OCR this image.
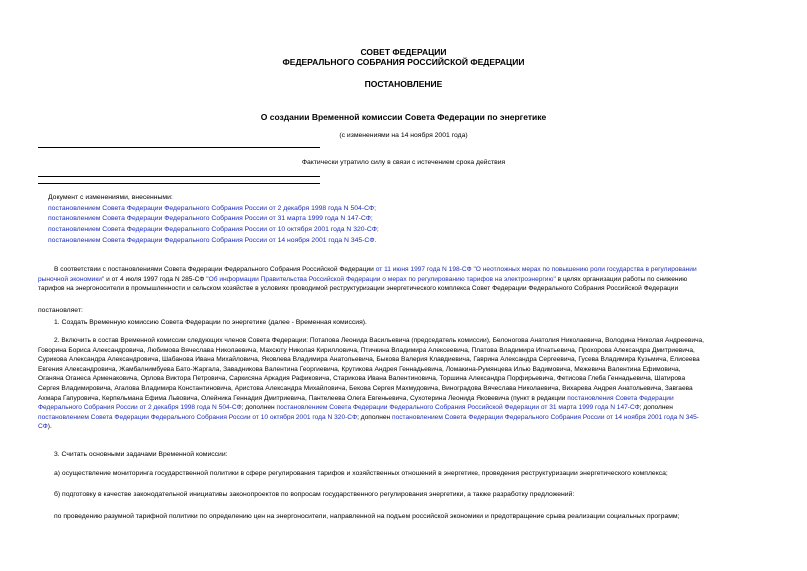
СОВЕТ ФЕДЕРАЦИИ
ФЕДЕРАЛЬНОГО СОБРАНИЯ РОССИЙСКОЙ ФЕДЕРАЦИИ
ПОСТАНОВЛЕНИЕ
О создании Временной комиссии Совета Федерации по энергетике
(с изменениями на 14 ноября 2001 года)
Фактически утратило силу в связи с истечением срока действия
Документ с изменениями, внесенными:
постановлением Совета Федерации Федерального Собрания России от 2 декабря 1998 года N 504-СФ;
постановлением Совета Федерации Федерального Собрания России от 31 марта 1999 года N 147-СФ;
постановлением Совета Федерации Федерального Собрания России от 10 октября 2001 года N 320-СФ;
постановлением Совета Федерации Федерального Собрания России от 14 ноября 2001 года N 345-СФ.
В соответствии с постановлениями Совета Федерации Федерального Собрания Российской Федерации от 11 июня 1997 года N 198-СФ "О неотложных мерах по повышению роли государства в регулировании
рыночной экономики" и от 4 июля 1997 года N 285-СФ "Об информации Правительства Российской Федерации о мерах по регулированию тарифов на электроэнергию" в целях организации работы по снижению
тарифов на энергоносители в промышленности и сельском хозяйстве в условиях проводимой реструктуризации энергетического комплекса Совет Федерации Федерального Собрания Российской Федерации
постановляет:
1. Создать Временную комиссию Совета Федерации по энергетике (далее - Временная комиссия).
2. Включить в состав Временной комиссии следующих членов Совета Федерации: Потапова Леонида Васильевича (председатель комиссии), Белоногова Анатолия Николаевича, Володина Николая Андреевича,
Говорина Бориса Александровича, Любимова Вячеслава Николаевича, Махсюту Николая Кирилловича, Птичкина Владимира Алексеевича, Платова Владимира Игнатьевича, Прохорова Александра Дмитриевича,
Сурикова Александра Александровича, Шабанова Ивана Михайловича, Яковлева Владимира Анатольевича, Быкова Валерия Клавдиевича, Гаврина Александра Сергеевича, Гусева Владимира Кузьмича, Елисеева
Евгения Александровича, Жамбалнимбуева Бато-Жаргала, Завадникова Валентина Георгиевича, Крутикова Андрея Геннадьевича, Ломакина-Румянцева Илью Вадимовича, Межевича Валентина Ефимовича,
Оганяна Оганеса Арменаковича, Орлова Виктора Петровича, Саркисяна Аркадия Рафиковича, Старикова Ивана Валентиновича, Торшина Александра Порфирьевича, Фетисова Глеба Геннадьевича, Шатирова
Сергея Владимировича, Агалова Владимира Константиновича, Аристова Александра Михайловича, Бекова Сергея Махмудовича, Виноградова Вячеслава Николаевича, Вихарева Андрея Анатольевича, Завгаева
Ахмара Гапуровича, Керпельмана Ефима Львовича, Олейника Геннадия Дмитриевича, Пантелеева Олега Евгеньевича, Сухотерина Леонида Яковевича (пункт в редакции постановления Совета Федерации
Федерального Собрания России от 2 декабря 1998 года N 504-СФ; дополнен постановлением Совета Федерации Федерального Собрания Российской Федерации от 31 марта 1999 года N 147-СФ; дополнен
постановлением Совета Федерации Федерального Собрания России от 10 октября 2001 года N 320-СФ; дополнен постановлением Совета Федерации Федерального Собрания России от 14 ноября 2001 года N 345-
СФ).
3. Считать основными задачами Временной комиссии:
а) осуществление мониторинга государственной политики в сфере регулирования тарифов и хозяйственных отношений в энергетике, проведения реструктуризации энергетического комплекса;
б) подготовку в качестве законодательной инициативы законопроектов по вопросам государственного регулирования энергетики, а также разработку предложений:
по проведению разумной тарифной политики по определению цен на энергоносители, направленной на подъем российской экономики и предотвращение срыва реализации социальных программ;
